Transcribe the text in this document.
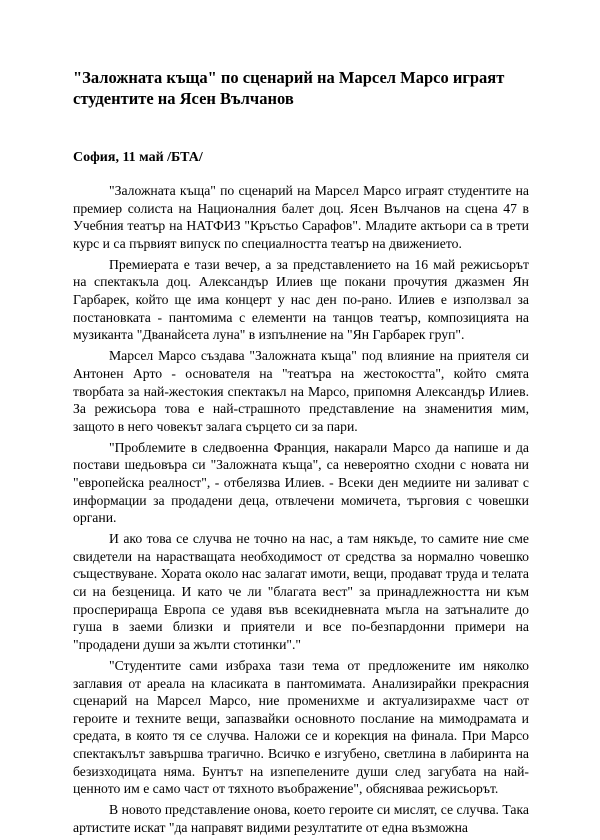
"Заложната къща" по сценарий на Марсел Марсо играят студентите на Ясен Вълчанов

София, 11 май /БТА/

"Заложната къща" по сценарий на Марсел Марсо играят студентите на премиер солиста на Националния балет доц. Ясен Вълчанов на сцена 47 в Учебния театър на НАТФИЗ "Кръстьо Сарафов". Младите актьори са в трети курс и са първият випуск по специалността театър на движението.

Премиерата е тази вечер, а за представлението на 16 май режисьорът на спектакъла доц. Александър Илиев ще покани прочутия джазмен Ян Гарбарек, който ще има концерт у нас ден по-рано. Илиев е използвал за постановката - пантомима с елементи на танцов театър, композицията на музиканта "Дванайсета луна" в изпълнение на "Ян Гарбарек груп".

Марсел Марсо създава "Заложната къща" под влияние на приятеля си Антонен Арто - основателя на "театъра на жестокостта", който смята творбата за най-жестокия спектакъл на Марсо, припомня Александър Илиев. За режисьора това е най-страшното представление на знаменития мим, защото в него човекът залага сърцето си за пари.

"Проблемите в следвоенна Франция, накарали Марсо да напише и да постави шедьовъра си "Заложната къща", са невероятно сходни с новата ни "европейска реалност", - отбелязва Илиев. - Всеки ден медиите ни заливат с информации за продадени деца, отвлечени момичета, търговия с човешки органи.

И ако това се случва не точно на нас, а там някъде, то самите ние сме свидетели на нарастващата необходимост от средства за нормално човешко съществуване. Хората около нас залагат имоти, вещи, продават труда и телата си на безценица. И като че ли "благата вест" за принадлежността ни към просперираща Европа се удавя във всекидневната мъгла на затъналите до гуша в заеми близки и приятели и все по-безпардонни примери на "продадени души за жълти стотинки"."

"Студентите сами избраха тази тема от предложените им няколко заглавия от ареала на класиката в пантомимата. Анализирайки прекрасния сценарий на Марсел Марсо, ние променихме и актуализирахме част от героите и техните вещи, запазвайки основното послание на мимодрамата и средата, в която тя се случва. Наложи се и корекция на финала. При Марсо спектакълът завършва трагично. Всичко е изгубено, светлина в лабиринта на безизходицата няма. Бунтът на изпепелените души след загубата на най-ценното им е само част от тяхното въображение", обясняваа режисьорът.

В новото представление онова, което героите си мислят, се случва. Така артистите искат "да направят видими резултатите от една възможна
